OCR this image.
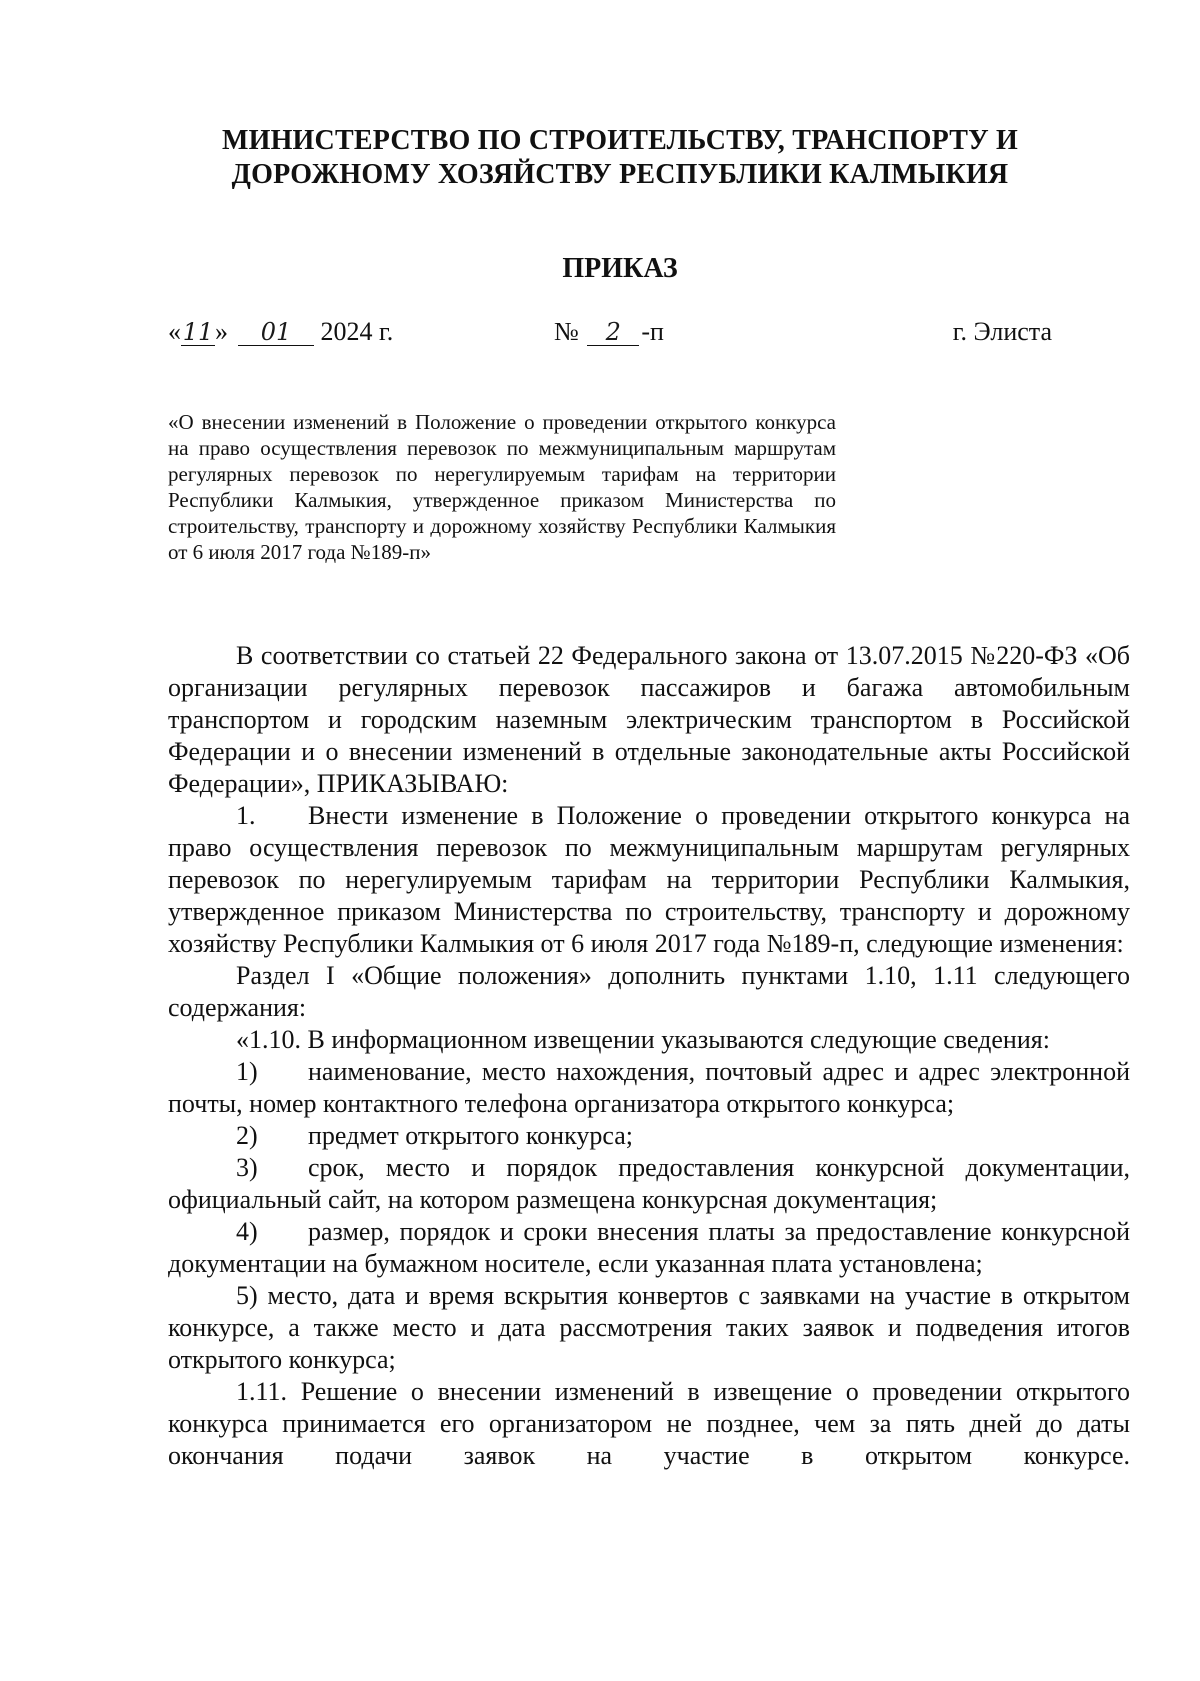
МИНИСТЕРСТВО ПО СТРОИТЕЛЬСТВУ, ТРАНСПОРТУ И
ДОРОЖНОМУ ХОЗЯЙСТВУ РЕСПУБЛИКИ КАЛМЫКИЯ
ПРИКАЗ
«11» 01 2024 г.	№ 2 -п	г. Элиста

«О внесении изменений в Положение о проведении открытого конкурса на право осуществления перевозок по межмуниципальным маршрутам регулярных перевозок по нерегулируемым тарифам на территории Республики Калмыкия, утвержденное приказом Министерства по строительству, транспорту и дорожному хозяйству Республики Калмыкия от 6 июля 2017 года №189-п»

В соответствии со статьей 22 Федерального закона от 13.07.2015 №220-ФЗ «Об организации регулярных перевозок пассажиров и багажа автомобильным транспортом и городским наземным электрическим транспортом в Российской Федерации и о внесении изменений в отдельные законодательные акты Российской Федерации», ПРИКАЗЫВАЮ:

1. Внести изменение в Положение о проведении открытого конкурса на право осуществления перевозок по межмуниципальным маршрутам регулярных перевозок по нерегулируемым тарифам на территории Республики Калмыкия, утвержденное приказом Министерства по строительству, транспорту и дорожному хозяйству Республики Калмыкия от 6 июля 2017 года №189-п, следующие изменения:

Раздел I «Общие положения» дополнить пунктами 1.10, 1.11 следующего содержания:

«1.10. В информационном извещении указываются следующие сведения:

1) наименование, место нахождения, почтовый адрес и адрес электронной почты, номер контактного телефона организатора открытого конкурса;

2) предмет открытого конкурса;

3) срок, место и порядок предоставления конкурсной документации, официальный сайт, на котором размещена конкурсная документация;

4) размер, порядок и сроки внесения платы за предоставление конкурсной документации на бумажном носителе, если указанная плата установлена;

5) место, дата и время вскрытия конвертов с заявками на участие в открытом конкурсе, а также место и дата рассмотрения таких заявок и подведения итогов открытого конкурса;

1.11. Решение о внесении изменений в извещение о проведении открытого конкурса принимается его организатором не позднее, чем за пять дней до даты окончания подачи заявок на участие в открытом конкурсе.
